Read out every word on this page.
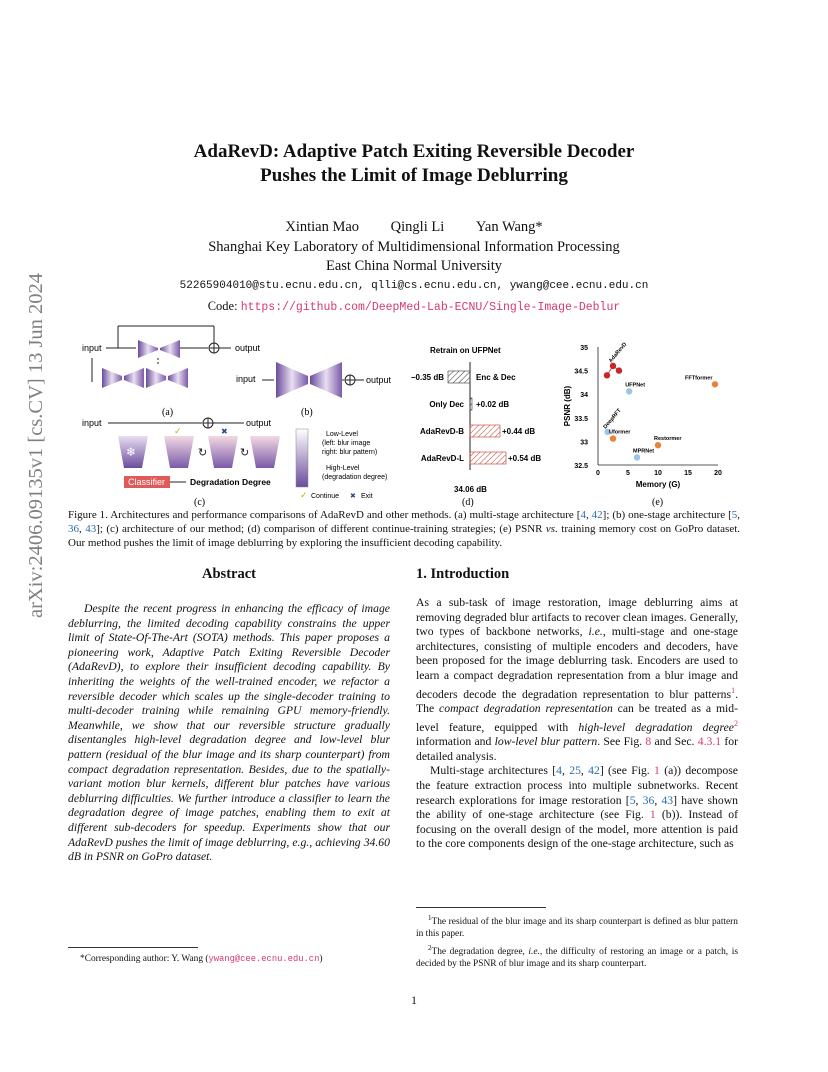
arXiv:2406.09135v1 [cs.CV] 13 Jun 2024
AdaRevD: Adaptive Patch Exiting Reversible Decoder
Pushes the Limit of Image Deblurring
Xintian Mao Qingli Li Yan Wang*
Shanghai Key Laboratory of Multidimensional Information Processing
East China Normal University
52265904010@stu.ecnu.edu.cn, qlli@cs.ecnu.edu.cn, ywang@cee.ecnu.edu.cn
Code: https://github.com/DeepMed-Lab-ECNU/Single-Image-Deblur
input	output
input
(a)
output
(b)
input	output
❄
✓	✖
↻	↻
Classifier	Degradation Degree
(c)
Low-Level
(left: blur image
right: blur pattern)
High-Level
(degradation degree)
✓ Continue ✖ Exit
Retrain on UFPNet
−0.35 dB	Enc & Dec
Only Dec +0.02 dB
AdaRevD-B	+0.44 dB
AdaRevD-L	+0.54 dB
34.06 dB
(d)
0	5	10	15	20
32.5
33
33.5
34
34.5
35
Memory (G)
PSNR (dB)
AdaRevD
UFPNet
FFTformer
DeepRFT
Uformer
Restormer
MPRNet
(e)
Figure 1. Architectures and performance comparisons of AdaRevD and other methods. (a) multi-stage architecture [4, 42]; (b) one-stage architecture [5, 36, 43]; (c) architecture of our method; (d) comparison of different continue-training strategies; (e) PSNR vs. training memory cost on GoPro dataset. Our method pushes the limit of image deblurring by exploring the insufficient decoding capability.
Abstract

Despite the recent progress in enhancing the efficacy of image deblurring, the limited decoding capability constrains the upper limit of State-Of-The-Art (SOTA) methods. This paper proposes a pioneering work, Adaptive Patch Exiting Reversible Decoder (AdaRevD), to explore their insufficient decoding capability. By inheriting the weights of the well-trained encoder, we refactor a reversible decoder which scales up the single-decoder training to multi-decoder training while remaining GPU memory-friendly. Meanwhile, we show that our reversible structure gradually disentangles high-level degradation degree and low-level blur pattern (residual of the blur image and its sharp counterpart) from compact degradation representation. Besides, due to the spatially-variant motion blur kernels, different blur patches have various deblurring difficulties. We further introduce a classifier to learn the degradation degree of image patches, enabling them to exit at different sub-decoders for speedup. Experiments show that our AdaRevD pushes the limit of image deblurring, e.g., achieving 34.60 dB in PSNR on GoPro dataset.

*Corresponding author: Y. Wang (ywang@cee.ecnu.edu.cn)
1. Introduction

As a sub-task of image restoration, image deblurring aims at removing degraded blur artifacts to recover clean images. Generally, two types of backbone networks, i.e., multi-stage and one-stage architectures, consisting of multiple encoders and decoders, have been proposed for the image deblurring task. Encoders are used to learn a compact degradation representation from a blur image and decoders decode the degradation representation to blur patterns$^1$. The compact degradation representation can be treated as a mid-level feature, equipped with high-level degradation degree$^2$ information and low-level blur pattern. See Fig. 8 and Sec. 4.3.1 for detailed analysis.

Multi-stage architectures [4, 25, 42] (see Fig. 1 (a)) decompose the feature extraction process into multiple subnetworks. Recent research explorations for image restoration [5, 36, 43] have shown the ability of one-stage architecture (see Fig. 1 (b)). Instead of focusing on the overall design of the model, more attention is paid to the core components design of the one-stage architecture, such as

$^1$The residual of the blur image and its sharp counterpart is defined as blur pattern in this paper.

$^2$The degradation degree, i.e., the difficulty of restoring an image or a patch, is decided by the PSNR of blur image and its sharp counterpart.

1
